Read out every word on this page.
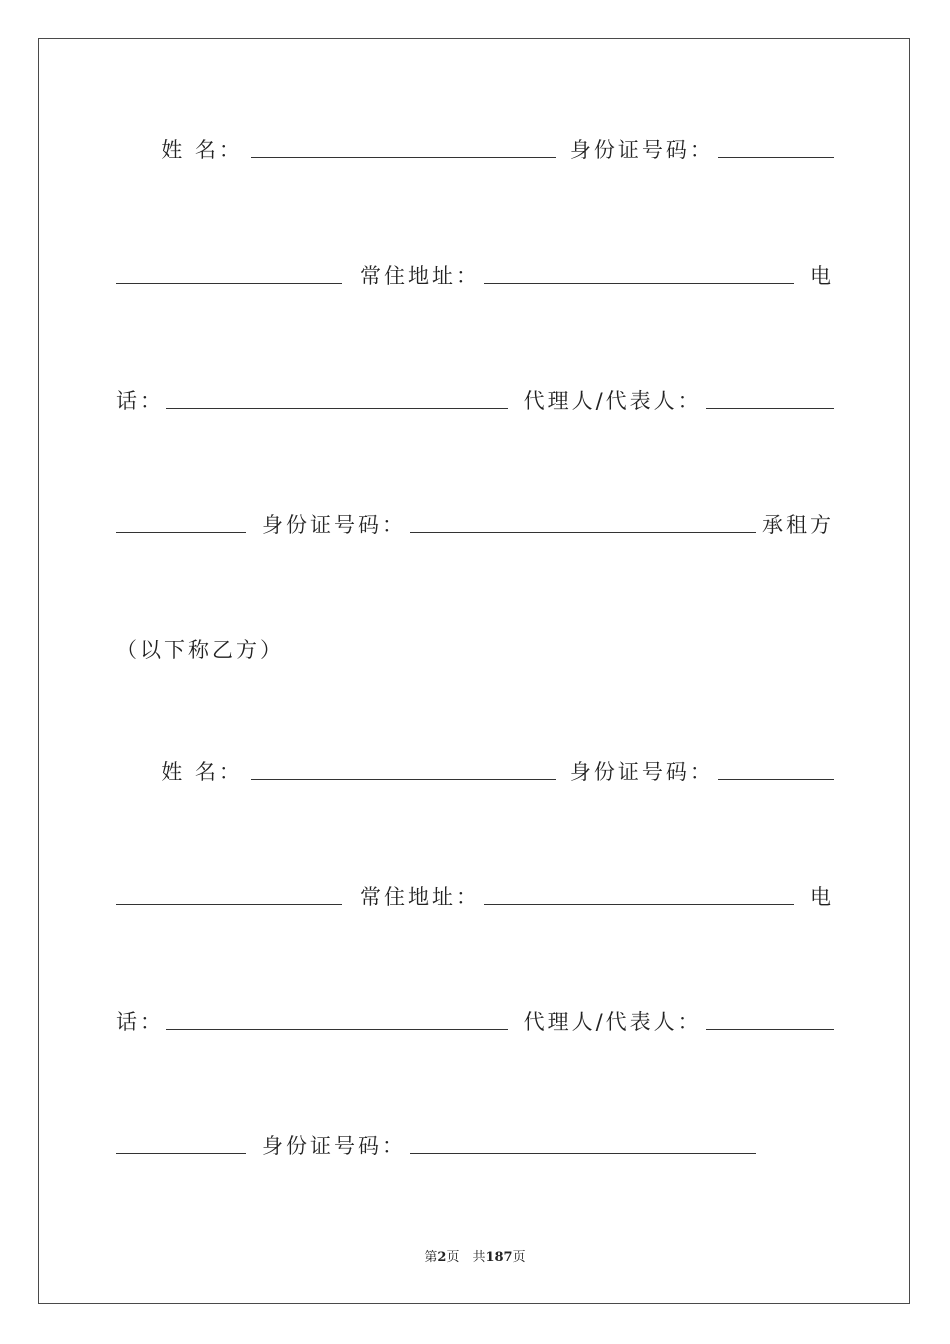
姓 名：	身份证号码：
常住地址：	电
话：	代理人/代表人：
身份证号码：	承租方
（以下称乙方）
姓 名：	身份证号码：
常住地址：	电
话：	代理人/代表人：
身份证号码：
第2页　共187页
